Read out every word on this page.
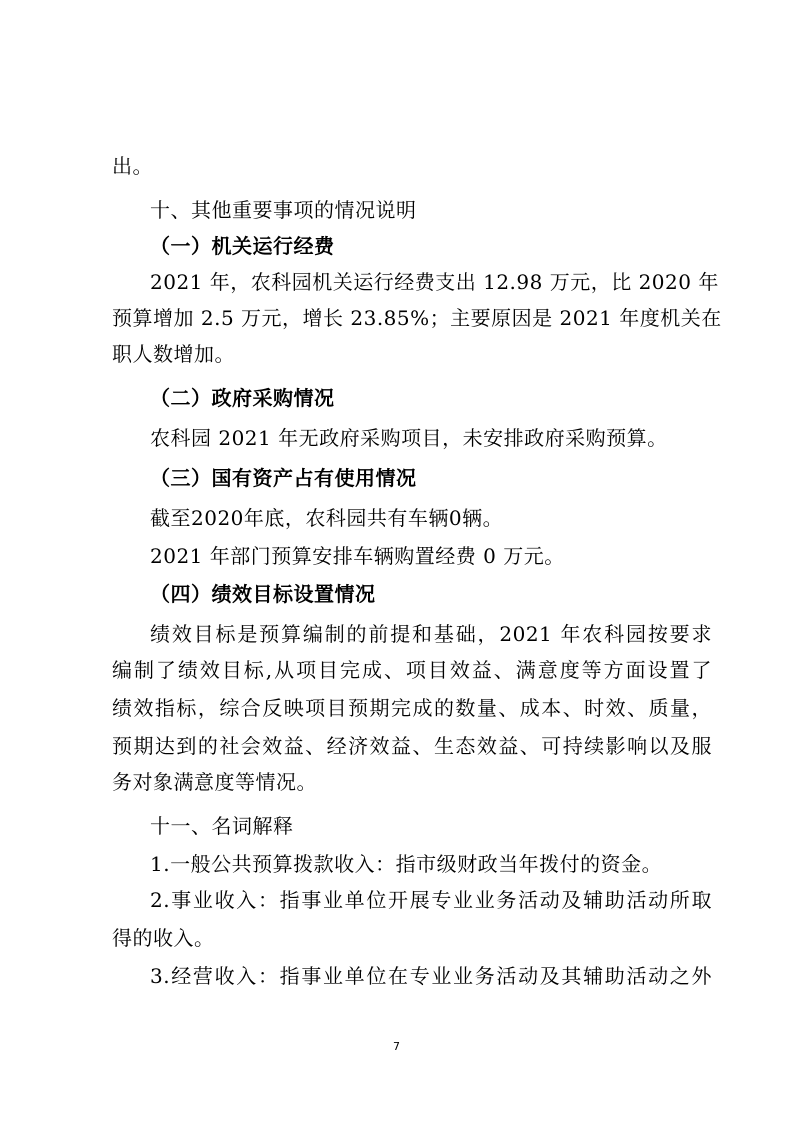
出。
十、其他重要事项的情况说明
（一）机关运行经费
2021 年，农科园机关运行经费支出 12.98 万元，比 2020 年
预算增加 2.5 万元，增长 23.85%；主要原因是 2021 年度机关在
职人数增加。
（二）政府采购情况
农科园 2021 年无政府采购项目，未安排政府采购预算。
（三）国有资产占有使用情况
截至2020年底，农科园共有车辆0辆。
2021 年部门预算安排车辆购置经费 0 万元。
（四）绩效目标设置情况
绩效目标是预算编制的前提和基础，2021 年农科园按要求
编制了绩效目标,从项目完成、项目效益、满意度等方面设置了
绩效指标，综合反映项目预期完成的数量、成本、时效、质量，
预期达到的社会效益、经济效益、生态效益、可持续影响以及服
务对象满意度等情况。
十一、名词解释
1.一般公共预算拨款收入：指市级财政当年拨付的资金。
2.事业收入：指事业单位开展专业业务活动及辅助活动所取
得的收入。
3.经营收入：指事业单位在专业业务活动及其辅助活动之外
7
